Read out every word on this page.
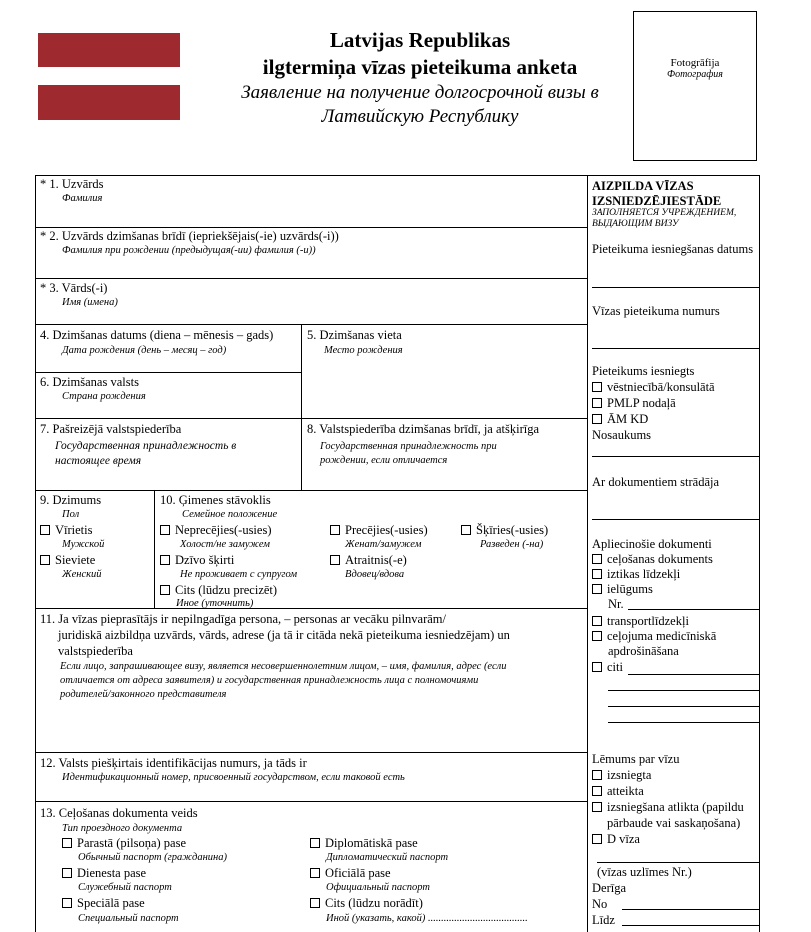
Latvijas Republikas
ilgtermiņa vīzas pieteikuma anketa
Заявление на получение долгосрочной визы в
Латвийскую Республику
Fotogrāfija
Фотография
* 1. Uzvārds
Фамилия
* 2. Uzvārds dzimšanas brīdī (iepriekšējais(-ie) uzvārds(-i))
Фамилия при рождении (предыдущая(-ии) фамилия (-и))
* 3. Vārds(-i)
Имя (имена)
4. Dzimšanas datums (diena – mēnesis – gads)
Дата рождения (день – месяц – год)
5. Dzimšanas vieta
Место рождения
6. Dzimšanas valsts
Страна рождения
7. Pašreizējā valstspiederība
Государственная принадлежность в
настоящее время
8. Valstspiederība dzimšanas brīdī, ja atšķirīga
Государственная принадлежность при
рождении, если отличается
9. Dzimums
Пол
Vīrietis
Мужской
Sieviete
Женский
10. Ģimenes stāvoklis
Семейное положение
Neprecējies(-usies)
Холост/не замужем
Precējies(-usies)
Женат/замужем
Šķīries(-usies)
Разведен (-на)
Dzīvo šķirti
Не проживает с супругом
Atraitnis(-e)
Вдовец/вдова
Cits (lūdzu precizēt)
Иное (уточнить)
11. Ja vīzas pieprasītājs ir nepilngadīga persona, – personas ar vecāku pilnvarām/
juridiskā aizbildņa uzvārds, vārds, adrese (ja tā ir citāda nekā pieteikuma iesniedzējam) un
valstspiederība
Если лицо, запрашивающее визу, является несовершеннолетним лицом, – имя, фамилия, адрес (если
отличается от адреса заявителя) и государственная принадлежность лица с полномочиями
родителей/законного представителя
12. Valsts piešķirtais identifikācijas numurs, ja tāds ir
Идентификационный номер, присвоенный государством, если таковой есть
13. Ceļošanas dokumenta veids
Тип проездного документа
Parastā (pilsoņa) pase
Обычный паспорт (гражданина)
Diplomātiskā pase
Дипломатический паспорт
Dienesta pase
Служебный паспорт
Oficiālā pase
Официальный паспорт
Speciālā pase
Специальный паспорт
Cits (lūdzu norādīt)
Иной (указать, какой) ......................................
AIZPILDA VĪZAS
IZSNIEDZĒJIESTĀDE
ЗАПОЛНЯЕТСЯ УЧРЕЖДЕНИЕМ,
ВЫДАЮЩИМ ВИЗУ
Pieteikuma iesniegšanas datums
Vīzas pieteikuma numurs
Pieteikums iesniegts
vēstniecībā/konsulātā
PMLP nodaļā
ĀM KD
Nosaukums
Ar dokumentiem strādāja
Apliecinošie dokumenti
ceļošanas dokuments
iztikas līdzekļi
ielūgums
Nr.
transportlīdzekļi
ceļojuma medicīniskā
apdrošināšana
citi
Lēmums par vīzu
izsniegta
atteikta
izsniegšana atlikta (papildu
pārbaude vai saskaņošana)
D vīza
(vīzas uzlīmes Nr.)
Derīga
No
Līdz
